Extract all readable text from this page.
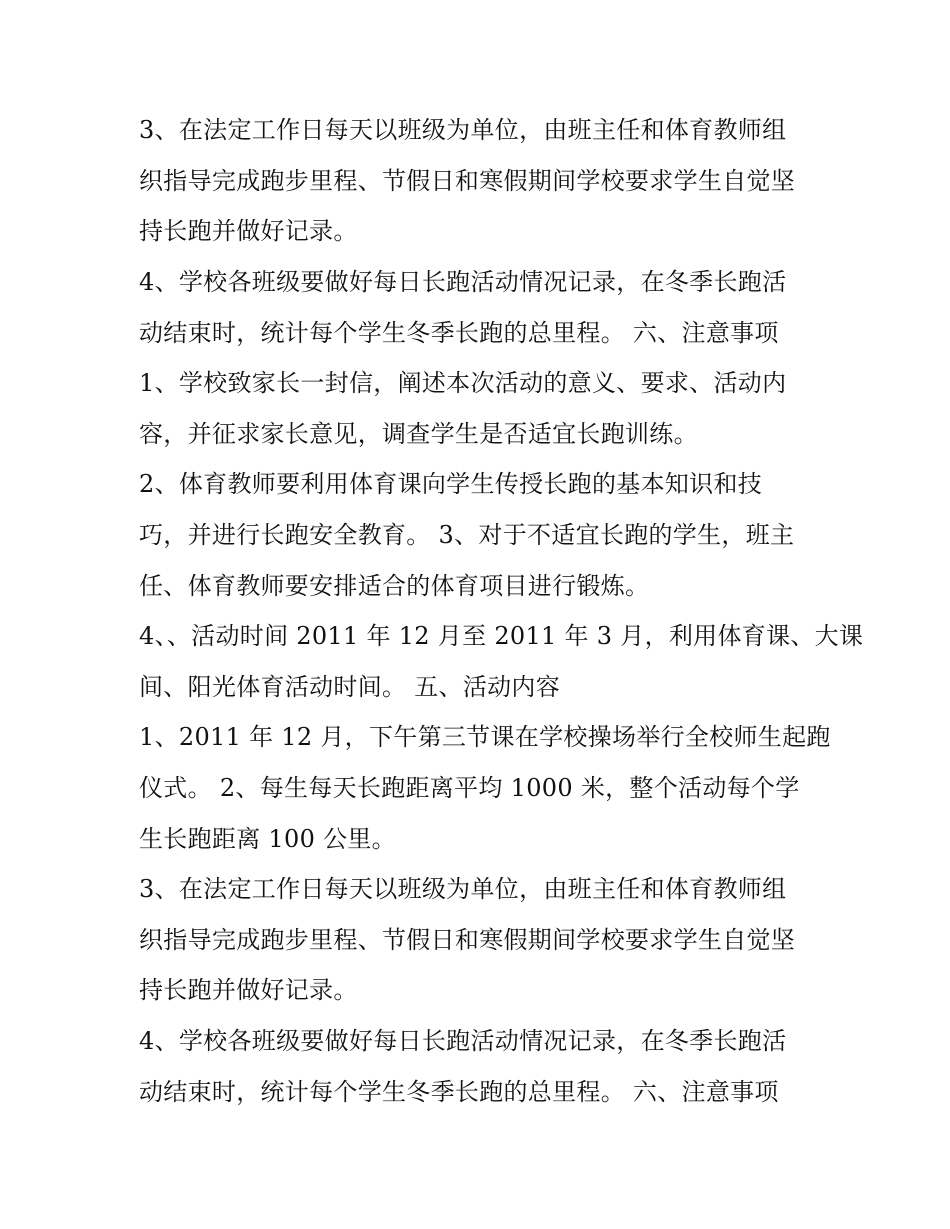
3、在法定工作日每天以班级为单位，由班主任和体育教师组
织指导完成跑步里程、节假日和寒假期间学校要求学生自觉坚
持长跑并做好记录。
4、学校各班级要做好每日长跑活动情况记录，在冬季长跑活
动结束时，统计每个学生冬季长跑的总里程。 六、注意事项
1、学校致家长一封信，阐述本次活动的意义、要求、活动内
容，并征求家长意见，调查学生是否适宜长跑训练。
2、体育教师要利用体育课向学生传授长跑的基本知识和技
巧，并进行长跑安全教育。 3、对于不适宜长跑的学生，班主
任、体育教师要安排适合的体育项目进行锻炼。
4、、活动时间 2011 年 12 月至 2011 年 3 月，利用体育课、大课
间、阳光体育活动时间。 五、活动内容
1、2011 年 12 月，下午第三节课在学校操场举行全校师生起跑
仪式。 2、每生每天长跑距离平均 1000 米，整个活动每个学
生长跑距离 100 公里。
3、在法定工作日每天以班级为单位，由班主任和体育教师组
织指导完成跑步里程、节假日和寒假期间学校要求学生自觉坚
持长跑并做好记录。
4、学校各班级要做好每日长跑活动情况记录，在冬季长跑活
动结束时，统计每个学生冬季长跑的总里程。 六、注意事项
